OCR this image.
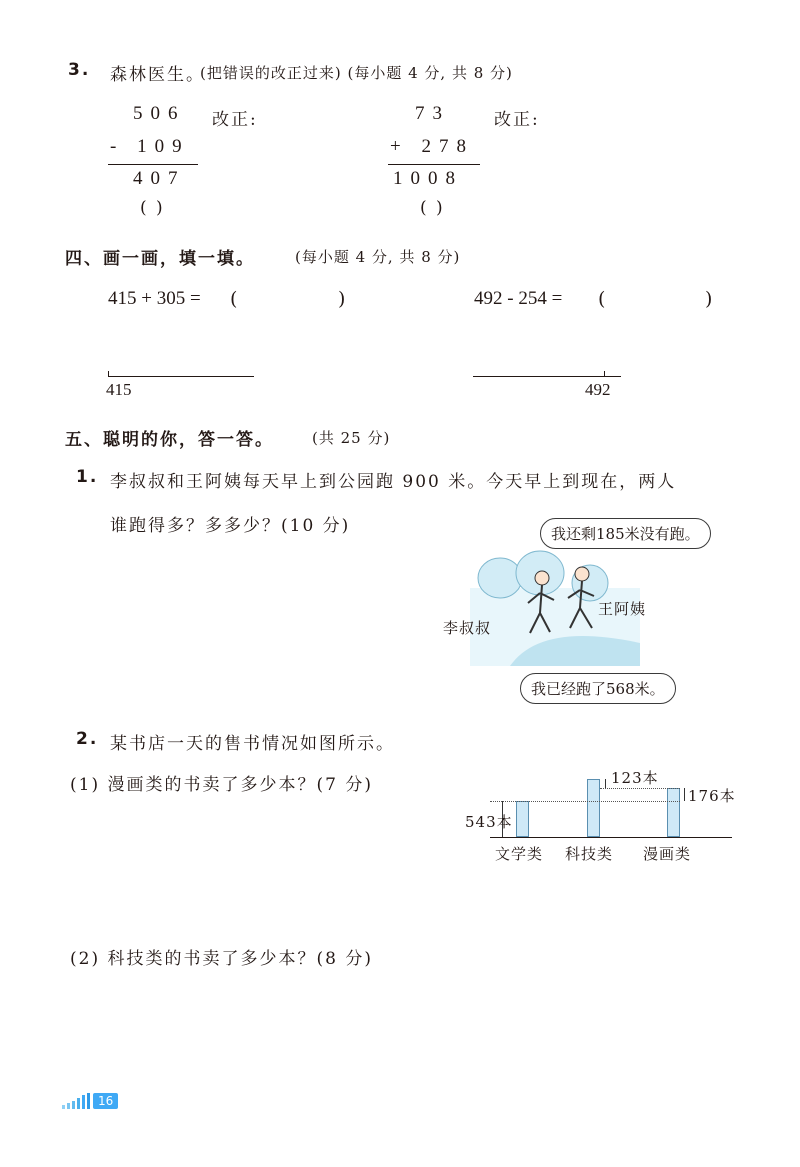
3. 森林医生。
(把错误的改正过来) (每小题 4 分, 共 8 分)
506 改正:
- 109
407
( )
73	改正:
+ 278
1008
( )
四、画一画，填一填。	(每小题 4 分, 共 8 分)
415 + 305 = (	)	492 - 254 = (	)
415	492
五、聪明的你，答一答。	(共 25 分)
1. 李叔叔和王阿姨每天早上到公园跑 900 米。今天早上到现在，两人
谁跑得多？多多少？(10 分)	我还剩185米没有跑。
王阿姨
李叔叔
我已经跑了568米。
2. 某书店一天的售书情况如图所示。
(1) 漫画类的书卖了多少本？(7 分)
(2) 科技类的书卖了多少本？(8 分)
543本
123本
176本
文学类 科技类 漫画类
16
